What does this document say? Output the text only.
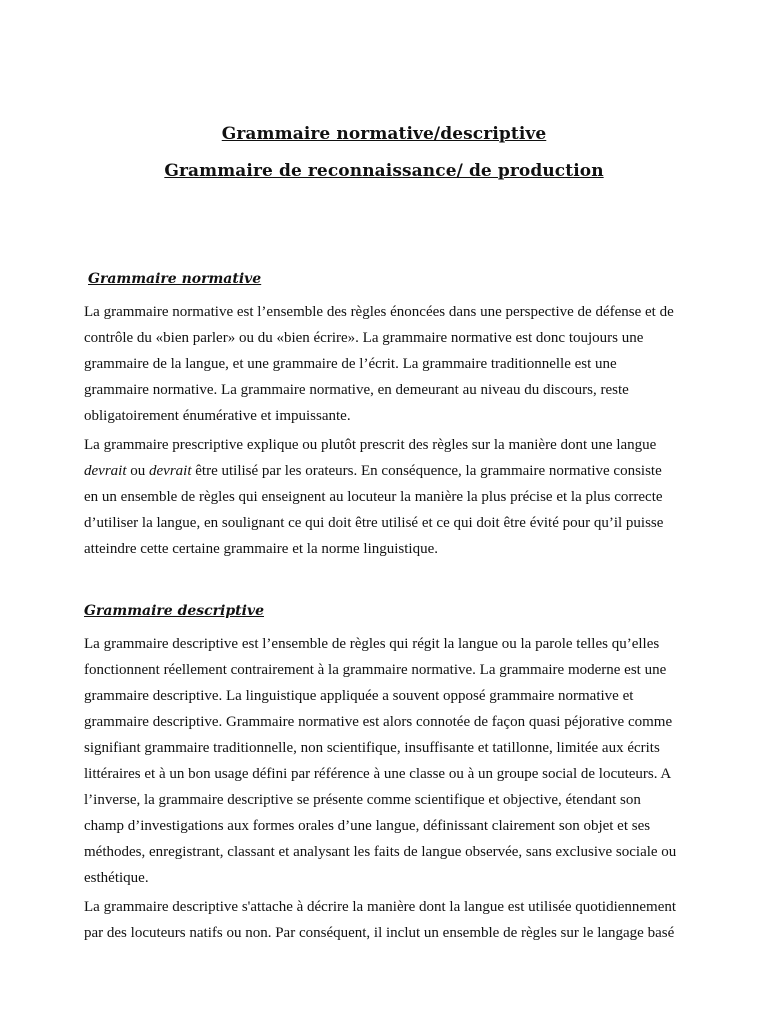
Grammaire normative/descriptive

Grammaire de reconnaissance/ de production

Grammaire normative

La grammaire normative est l’ensemble des règles énoncées dans une perspective de défense et de
contrôle du «bien parler» ou du «bien écrire». La grammaire normative est donc toujours une
grammaire de la langue, et une grammaire de l’écrit. La grammaire traditionnelle est une
grammaire normative. La grammaire normative, en demeurant au niveau du discours, reste
obligatoirement énumérative et impuissante.
La grammaire prescriptive explique ou plutôt prescrit des règles sur la manière dont une langue
devrait ou devrait être utilisé par les orateurs. En conséquence, la grammaire normative consiste
en un ensemble de règles qui enseignent au locuteur la manière la plus précise et la plus correcte
d’utiliser la langue, en soulignant ce qui doit être utilisé et ce qui doit être évité pour qu’il puisse
atteindre cette certaine grammaire et la norme linguistique.

Grammaire descriptive

La grammaire descriptive est l’ensemble de règles qui régit la langue ou la parole telles qu’elles
fonctionnent réellement contrairement à la grammaire normative. La grammaire moderne est une
grammaire descriptive. La linguistique appliquée a souvent opposé grammaire normative et
grammaire descriptive. Grammaire normative est alors connotée de façon quasi péjorative comme
signifiant grammaire traditionnelle, non scientifique, insuffisante et tatillonne, limitée aux écrits
littéraires et à un bon usage défini par référence à une classe ou à un groupe social de locuteurs. A
l’inverse, la grammaire descriptive se présente comme scientifique et objective, étendant son
champ d’investigations aux formes orales d’une langue, définissant clairement son objet et ses
méthodes, enregistrant, classant et analysant les faits de langue observée, sans exclusive sociale ou
esthétique.
La grammaire descriptive s'attache à décrire la manière dont la langue est utilisée quotidiennement
par des locuteurs natifs ou non. Par conséquent, il inclut un ensemble de règles sur le langage basé
